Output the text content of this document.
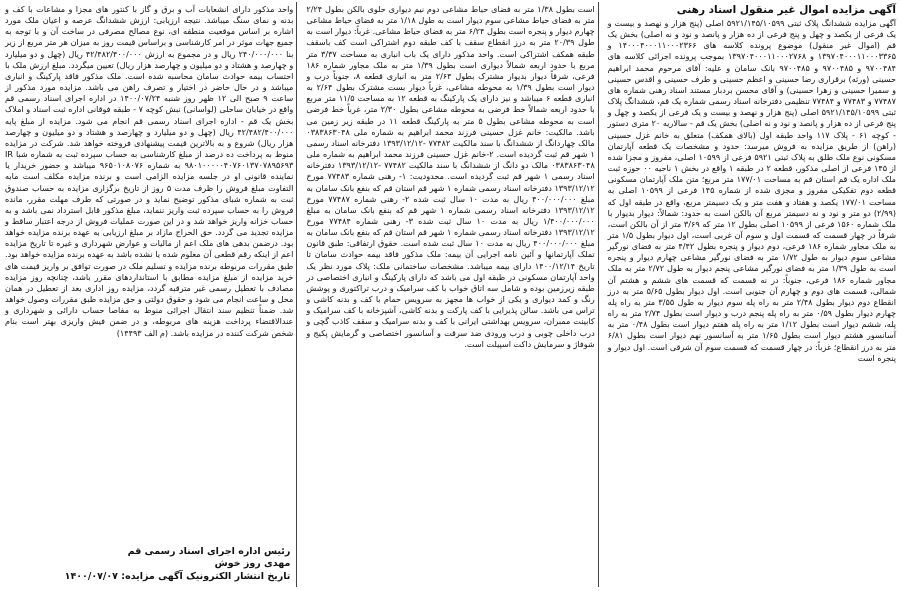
آگهی مزایده اموال غیر منقول اسناد رهنی

آگهی مزایده ششدانگ پلاک ثبتی ۵۹۲۱/۱۴۵/۱۰۵۹۹ اصلی (پنج هزار و نهصد و بیست و یک فرعی از یکصد و چهل و پنج فرعی از ده هزار و پانصد و نود و نه اصلی) بخش یک قم (اموال غیر منقول) موضوع پرونده کلاسه های ۱۴۰۰۰۴۰۰۰۱۱۰۰۰۲۳۶۶ و ۱۳۹۷۰۴۰۰۰۱۱۰۰۰۳۳۶۵ و ۱۳۹۷۰۴۰۰۰۱۱۰۰۰۲۷۶۸ بموجب پرونده اجرائی کلاسه های ۹۷۰۰۴۸۴ و ۹۷۰۰۴۸۵ و ۹۷۰۰۴۸۵ بانک سامان و علیه: آقای مرحوم محمد ابراهیم حسینی (ورثه) برقراری رضا حسینی و اعظم حسینی و طرف حسینی و اقدس حسینی و سمیرا حسینی و زهرا حسینی) و آقای محسن بردبار مستند اسناد رهنی شماره های ۷۷۴۸۷ و ۷۷۴۸۳ و ۷۷۴۸۴ تنظیمی دفترخانه اسناد رسمی شماره یک قم، ششدانگ پلاک ثبتی ۵۹۲۱/۱۴۵/۱۰۵۹۹ اصلی (پنج هزار و نهصد و بیست و یک فرعی از یکصد و چهل و پنج فرعی از ده هزار و پانصد و نود و نه اصلی) بخش یک قم - سالاریه ۲۰ متری دستور - کوچه ۶۱ - پلاک ۱۱۷ واحد طبقه اول (بالای همکف) متعلق به خانم غزل حسینی (راهن) از طریق مزایده به فروش میرسد: حدود و مشخصات یک قطعه آپارتمان مسکونی نوع ملک طلق به پلاک ثبتی ۵۹۲۱ فرعی از ۱۰۵۹۹ اصلی، مفروز و مجزا شده از ۱۴۵ فرعی از اصلی مذکور، قطعه ۲ در طبقه ۱ واقع در بخش ۱ ناحیه ۰۰ حوزه ثبت ملک اداره یک قم استان قم به مساحت ۱۷۷/۰۱ متر مربع؛ متن ملک آپارتمان مسکونی قطعه دوم تفکیکی مفروز و مجزی شده از شماره ۱۴۵ فرعی از ۱۰۵۹۹ اصلی به مساحت ۱۷۷/۰۱ یکصد و هفتاد و هفت متر و یک دسیمتر مربع، واقع در طبقه اول که (۲/۹۹) دو متر و نود و نه دسیمتر مربع آن بالکن است به حدود: شمالاً: دیوار بدیوار با ملک شماره ۱۵۶۰ فرعی از ۱۰۵۹۹ اصلی بطول ۱۲ متر که ۳/۶۹ متر از آن بالکن است، شرقاً در چهار قسمت که قسمت اول و سوم آن غربی است، اول دیوار بطول ۱/۵ متر به ملک مجاور شماره ۱۸۶ فرعی، دوم دیوار و پنجره بطول ۴/۴۲ متر به فضای نورگیر مشاعی سوم دیوار به طول ۱/۷۲ متر به فضای نورگیر مشاعی چهارم دیوار و پنجره است به طول ۱/۳۹ متر به فضای نورگیر مشاعی پنجم دیوار به طول ۲/۷۲ متر به ملک مجاور شماره ۱۸۶ فرعی، جنوباً: در نه قسمت که قسمت های ششم و هشتم آن شمالی، قسمت های دوم و چهارم آن جنوبی است. اول دیوار بطول ۵/۶۵ متر به درز انقطاع دوم دیوار بطول ۲/۴۸ متر به راه پله سوم دیوار به طول ۳/۵۵ متر به راه پله چهارم دیوار بطول ۰/۵۹ متر به راه پله پنجم درب و دیوار است بطول ۲/۷۴ متر به راه پله، ششم دیوار است بطول ۱/۱۲ متر به راه پله هفتم دیوار است بطول ۰/۴۸ متر به آسانسور هشتم دیوار است بطول ۱/۶۵ متر به آسانسور نهم دیوار است بطول ۶/۸۱ متر به درز انقطاع؛ غرباً: در چهار قسمت که قسمت سوم آن شرقی است. اول دیوار و پنجره است

است بطول ۱/۳۸ متر به فضای حیاط مشاعی دوم نیم دیواری حلوی بالکن بطول ۲/۲۴ متر به فضای حیاط مشاعی سوم دیوار است به طول ۱/۱۸ متر به فضای حیاط مشاعی چهارم دیوار و پنجره است بطول ۶/۲۴ متر به فضای حیاط مشاعی. غرباً: دیوار است به طول ۲۰/۳۹ متر به درز انقطاع سقف با کف طبقه دوم اشتراکی است کف باسقف طبقه همکف اشتراکی است. واحد مذکور دارای یک باب انباری به مساحت ۳/۳۷ متر مربع با حدود اربعه شمالاً دیواری است بطول ۱/۳۹ متر به ملک مجاور شماره ۱۸۶ فرعی، شرقاً دیوار بدیوار مشترک بطول ۲/۶۴ متر به انباری قطعه ۸، جنوباً درب و دیوار است بطول ۱/۳۹ به محوطه مشاعی، غرباً دیوار بست مشترک بطول ۲/۶۴ به انباری قطعه ۶ میباشد و نیز دارای یک پارکینگ به قطعه ۱۲ به مساحت ۱۱/۵ متر مربع با حدود اربعه شمالاً خط فرضی به محوطه مشاعی بطول ۲/۳۰ متر، غرباً خط فرضی است به محوطه مشاعی بطول ۵ متر به پارکینگ قطعه ۱۱ در طبقه زیر زمین می باشد. مالکیت: خانم غزل حسینی فرزند محمد ابراهیم به شماره ملی ۰۳۸۳۸۶۳۰۴۸ مالک چهاردانگ از ششدانگ با سند مالکیت ۷۷۴۸۲ -۱۳۹۳/۱۲/۱۲ دفترخانه اسناد رسمی ۱ شهر قم ثبت گردیده است. ۲-خانم غزل حسینی فرزند محمد ابراهیم به شماره ملی ۰۳۸۳۸۶۳۰۴۸ مالک دو دانگ از ششدانگ با سند مالکیت ۷۷۴۸۲ -۱۳۹۳/۱۲/۱۲ دفترخانه اسناد رسمی ۱ شهر قم ثبت گردیده است. محدودیت: ۱- رهنی شماره ۷۷۴۸۳ مورخ ۱۳۹۳/۱۲/۱۲ دفترخانه اسناد رسمی شماره ۱ شهر قم استان قم که بنفع بانک سامان به مبلغ ۴۰۰/۰۰۰/۰۰۰ ریال به مدت ۱۰ سال ثبت شده ۲- رهنی شماره ۷۷۴۸۷ مورخ ۱۳۹۳/۱۲/۱۲ دفترخانه اسناد رسمی شماره ۱ شهر قم که بنفع بانک سامان به مبلغ ۱/۴۰۰/۰۰۰/۰۰۰ ریال به مدت ۱۰ سال ثبت شده ۳- رهنی شماره ۷۷۴۸۴ مورخ ۱۳۹۳/۱۲/۱۲ دفترخانه اسناد رسمی شماره ۱ شهر قم استان قم که بنفع بانک سامان به مبلغ ۴۰۰/۰۰۰/۰۰۰ ریال به مدت ۱۰ سال ثبت شده است. حقوق ارتفاقی: طبق قانون تملک آپارتمانها و آئین نامه اجرایی آن بیمه: ملک مذکور فاقد بیمه حوادث سامان تا تاریخ ۱۴۰۰/۱۲/۱۴ دارای بیمه میباشد. مشخصات ساختمانی ملک: پلاک مورد نظر یک واحد آپارتمان مسکونی در طبقه اول می باشد که دارای پارکینگ و انباری اختصاصی در طبقه زیرزمین بوده و شامل سه اتاق خواب با کف سرامیک و درب تراکتوری و پوشش رنگ و کمد دیواری و یکی از خواب ها مجهز به سرویس حمام با کف و بدنه کاشی و تراس می باشد. سالن پذیرایی با کف پارکت و بدنه کاشی، آشپزخانه با کف سرامیک و کابینت ممبران، سرویس بهداشتی ایرانی با کف و بدنه سرامیک و سقف کاذب گچی و درب داخلی چوبی و درب ورودی ضد سرقت و آسانسور اختصاصی و گرمایش پکیج و شوفاژ و سرمایش داکت اسپیلت است.

واحد مذکور دارای انشعابات آب و برق و گاز با کنتور های مجزا و مشاعات با کف و بدنه و نمای سنگ میباشد. نتیجه ارزیابی: ارزش ششدانگ عرصه و اعیان ملک مورد اشاره بر اساس موقعیت منطقه ای، نوع مصالح مصرفی در ساخت آن و با توجه به جمیع جهات موثر در امر کارشناسی و براساس قیمت روز به میزان هر متر مربع از زیر بنا ۲۴۰/۰۰۰/۰۰۰ ریال و در مجموع به ارزش ۴۲/۴۸۲/۴۰۰/۰۰۰ ریال (چهل و دو میلیارد و چهارصد و هشتاد و دو میلیون و چهارصد هزار ریال) تعیین میگردد. مبلغ ارزش ملک با احتساب بیمه حوادث سامان محاسبه شده است. ملک مذکور فاقد پارکینگ و انباری میباشد و در حال حاضر در اختیار و تصرف راهن می باشد. مزایده مورد مذکور از ساعت ۹ صبح الی ۱۲ ظهر روز شنبه ۱۴۰۰/۰۷/۲۴ در اداره اجرای اسناد رسمی قم واقع در خیابان ساحلی (لواسانی) نبش کوچه ۷ - طبقه فوقانی اداره ثبت اسناد و املاک بخش یک قم - اداره اجرای اسناد رسمی قم انجام می شود. مزایده از مبلغ پایه ۴۲/۴۸۲/۴۰۰/۰۰۰ ریال (چهل و دو میلیارد و چهارصد و هشتاد و دو میلیون و چهارصد هزار ریال) شروع و به بالاترین قیمت پیشنهادی فروخته خواهد شد. شرکت در مزایده منوط به پرداخت ده درصد از مبلغ کارشناسی به حساب سپرده ثبت به شماره شبا IR ۹۸۰۱۰۰۰۰۰۴۰۷۶۰۱۳۷۰۷۸۹۵۶۹۳ به شماره ۹۶۵۰۱۰۸۰۷۶ میباشد و حضور خریدار یا نماینده قانونی او در جلسه مزایده الزامی است و برنده مزایده مکلف است مابه التفاوت مبلغ فروش را ظرف مدت ۵ روز از تاریخ برگزاری مزایده به حساب صندوق ثبت به شماره شبای مذکور توضیح نماید و در صورتی که طرف مهلت مقرر، مانده فروش را به حساب سپرده ثبت واریز ننماید، مبلغ مذکور قابل استرداد نمی باشد و به حساب خزانه واریز خواهد شد و در این صورت عملیات فروش از درجه اعتبار ساقط و مزایده تجدید می گردد. حق الحراج مازاد بر مبلغ ارزیابی به عهده برنده مزایده خواهد بود. درضمن بدهی های ملک اعم از مالیات و عوارض شهرداری و غیره تا تاریخ مزایده اعم از اینکه رقم قطعی آن معلوم شده یا نشده باشد به عهده برنده مزایده خواهد بود. طبق مقررات مربوطه برنده مزایده و تسلیم ملک در صورت توافق بر واریز قیمت های خرید مزایده از مبلغ مزایده مطابق با استانداردهای مقرر باشد، چنانچه روز مزایده مصادف با تعطیل رسمی غیر مترقبه گردد، مزایده روز اداری بعد از تعطیل در همان محل و ساعت انجام می شود و حقوق دولتی و حق مزایده طبق مقررات وصول خواهد شد. ضمناً تنظیم سند انتقال اجرائی منوط به مفاصا حساب دارائی و شهرداری و عندالاقتضاء پرداخت هزینه های مربوطه، و در ضمن فیش واریزی بهتر است بنام شخص شرکت کننده در مزایده باشد. (م الف ۱۴۴۹۳)

رئیس اداره اجرای اسناد رسمی قم
مهدی روز خوش
تاریخ انتشار الکترونیک آگهی مزایده: ۱۴۰۰/۰۷/۰۷
